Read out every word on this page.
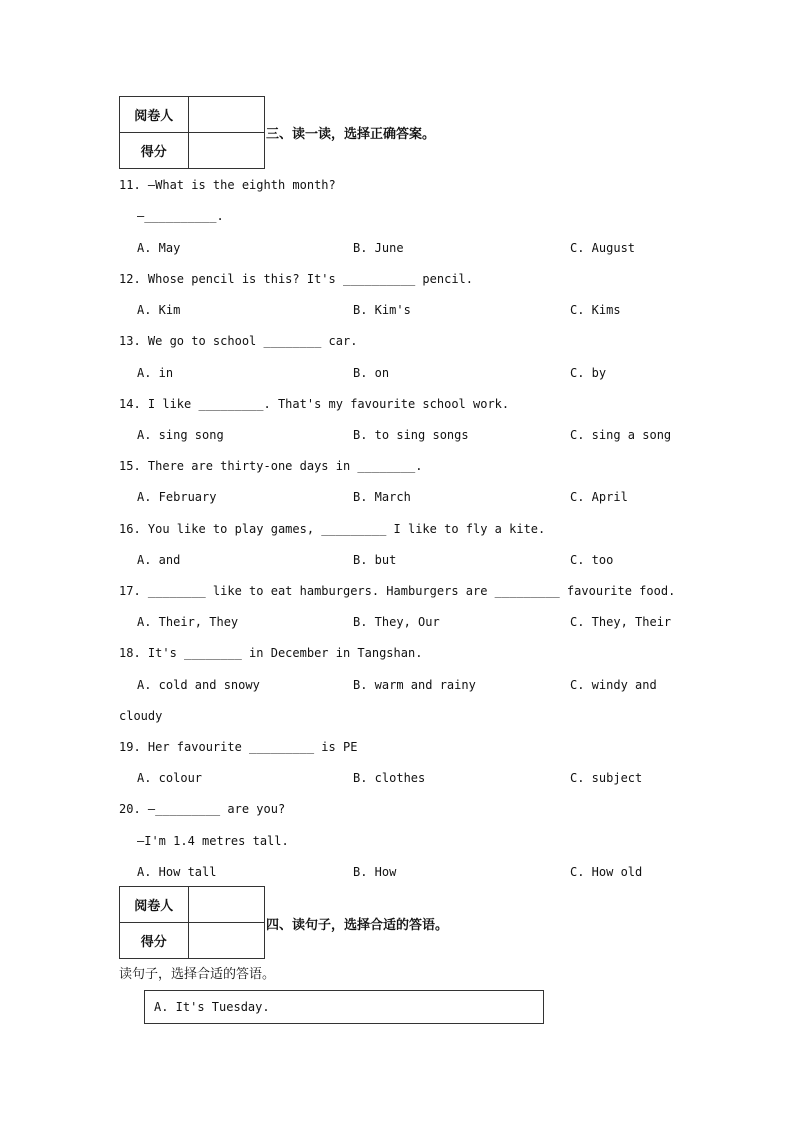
阅卷人	
得分	
三、读一读，选择正确答案。
11. —What is the eighth month?
—__________.
A. May	B. June	C. August
12. Whose pencil is this? It's __________ pencil.
A. Kim	B. Kim's	C. Kims
13. We go to school ________ car.
A. in	B. on	C. by
14. I like _________. That's my favourite school work.
A. sing song	B. to sing songs	C. sing a song
15. There are thirty-one days in ________.
A. February	B. March	C. April
16. You like to play games, _________ I like to fly a kite.
A. and	B. but	C. too
17. ________ like to eat hamburgers. Hamburgers are _________ favourite food.
A. Their, They	B. They, Our	C. They, Their
18. It's ________ in December in Tangshan.
A. cold and snowy	B. warm and rainy	C. windy and
cloudy
19. Her favourite _________ is PE
A. colour	B. clothes	C. subject
20. —_________ are you?
—I'm 1.4 metres tall.
A. How tall	B. How	C. How old
阅卷人	
得分	
四、读句子，选择合适的答语。
读句子，选择合适的答语。
A. It's Tuesday.
